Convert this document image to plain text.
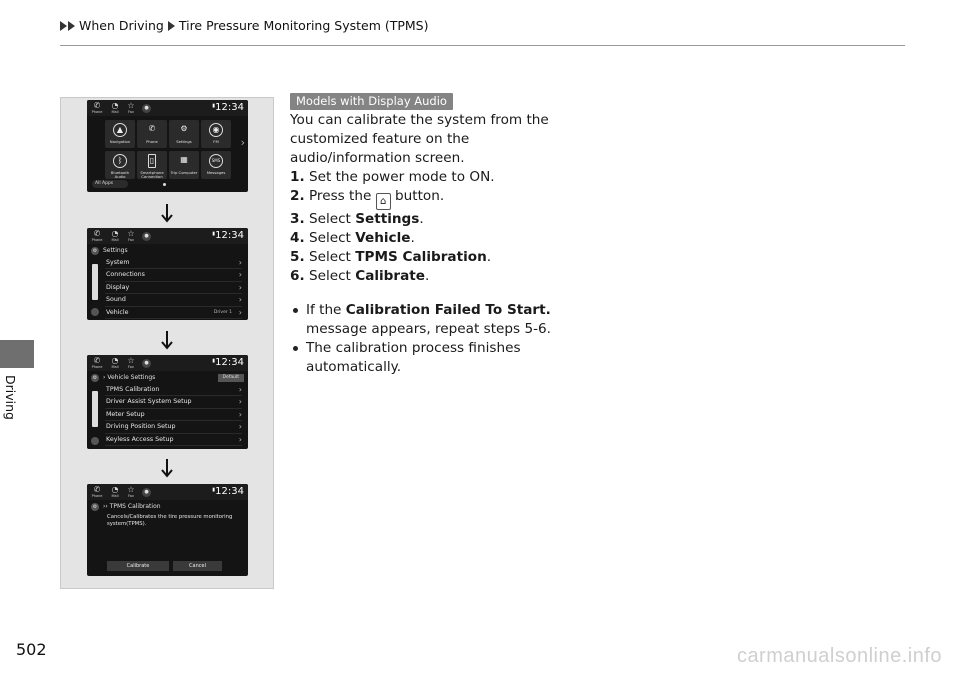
When Driving Tire Pressure Monitoring System (TPMS)
Driving
✆
Phone
◔
Mail
☆
Fav
●	▮ 12:34
▲
Navigation
✆
Phone
⚙
Settings
◉
FM
ᛒ
Bluetooth Audio
▯
Smartphone Connection
▦
Trip Computer
SMS
Messages
›
All Apps
✆
Phone
◔
Mail
☆
Fav
●	▮ 12:34
⚙ Settings
System	›
Connections	›
Display	›
Sound	›
Vehicle	Driver 1 ›
✆
Phone
◔
Mail
☆
Fav
●	▮ 12:34
⚙ › Vehicle Settings	Default
TPMS Calibration	›
Driver Assist System Setup	›
Meter Setup	›
Driving Position Setup	›
Keyless Access Setup	›
✆
Phone
◔
Mail
☆
Fav
●	▮ 12:34
⚙ ›› TPMS Calibration
Cancels/Calibrates the tire pressure monitoring system(TPMS).
Calibrate	Cancel
Models with Display Audio
You can calibrate the system from the customized feature on the audio/information screen.
1. Set the power mode to ON.
2. Press the ⌂ button.
3. Select Settings.
4. Select Vehicle.
5. Select TPMS Calibration.
6. Select Calibrate.
If the Calibration Failed To Start.
message appears, repeat steps 5-6.
The calibration process finishes automatically.
502	carmanualsonline.info
